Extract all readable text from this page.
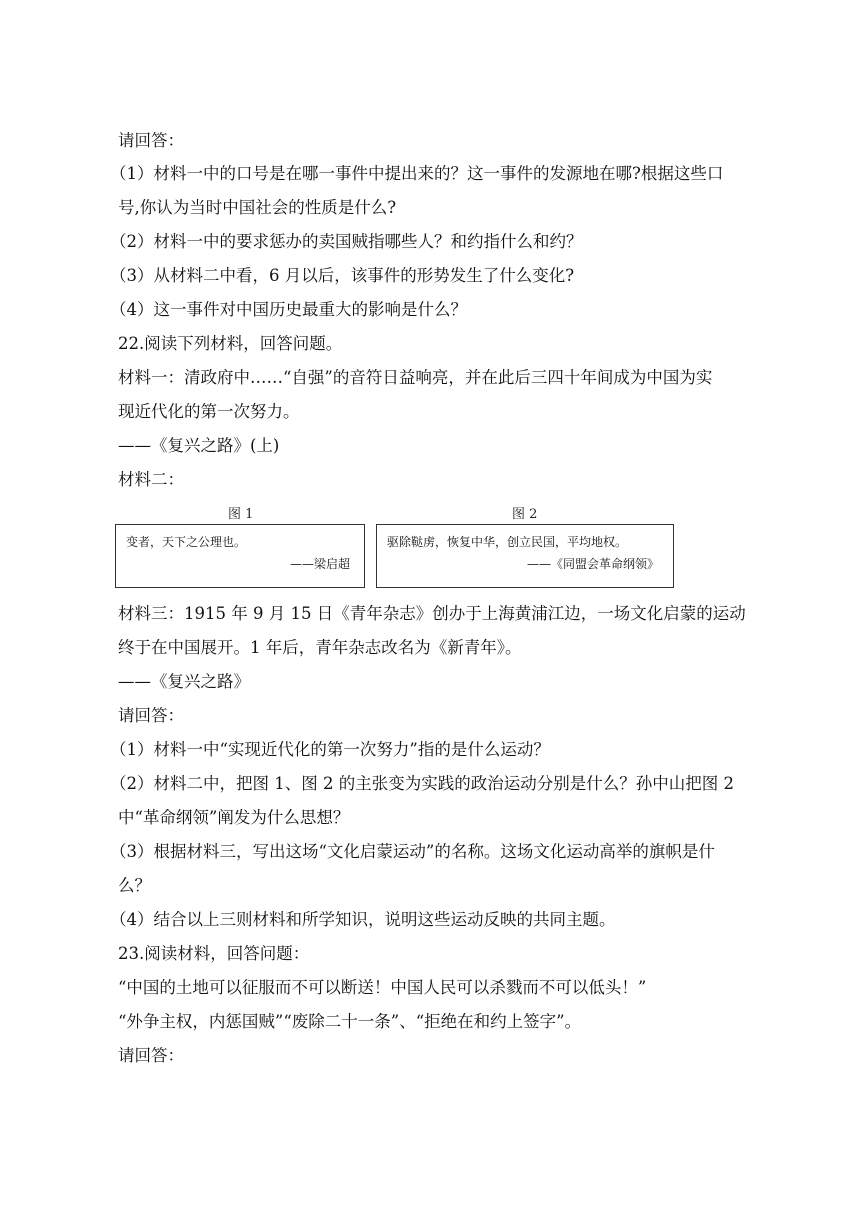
请回答：
（1）材料一中的口号是在哪一事件中提出来的？这一事件的发源地在哪?根据这些口
号,你认为当时中国社会的性质是什么?
（2）材料一中的要求惩办的卖国贼指哪些人？和约指什么和约？
（3）从材料二中看，6 月以后，该事件的形势发生了什么变化?
（4）这一事件对中国历史最重大的影响是什么？
22.阅读下列材料，回答问题。
材料一：清政府中……“自强”的音符日益响亮，并在此后三四十年间成为中国为实
现近代化的第一次努力。
——《复兴之路》(上)
材料二：
图 1
变者，天下之公理也。
——梁启超
图 2
驱除鞑虏，恢复中华，创立民国，平均地权。
——《同盟会革命纲领》
材料三：1915 年 9 月 15 日《青年杂志》创办于上海黄浦江边，一场文化启蒙的运动
终于在中国展开。1 年后，青年杂志改名为《新青年》。
——《复兴之路》
请回答：
（1）材料一中“实现近代化的第一次努力”指的是什么运动？
（2）材料二中，把图 1、图 2 的主张变为实践的政治运动分别是什么？孙中山把图 2
中“革命纲领”阐发为什么思想？
（3）根据材料三，写出这场“文化启蒙运动”的名称。这场文化运动高举的旗帜是什
么？
（4）结合以上三则材料和所学知识，说明这些运动反映的共同主题。
23.阅读材料，回答问题：
“中国的土地可以征服而不可以断送！中国人民可以杀戮而不可以低头！”
“外争主权，内惩国贼”“废除二十一条”、“拒绝在和约上签字”。
请回答：
